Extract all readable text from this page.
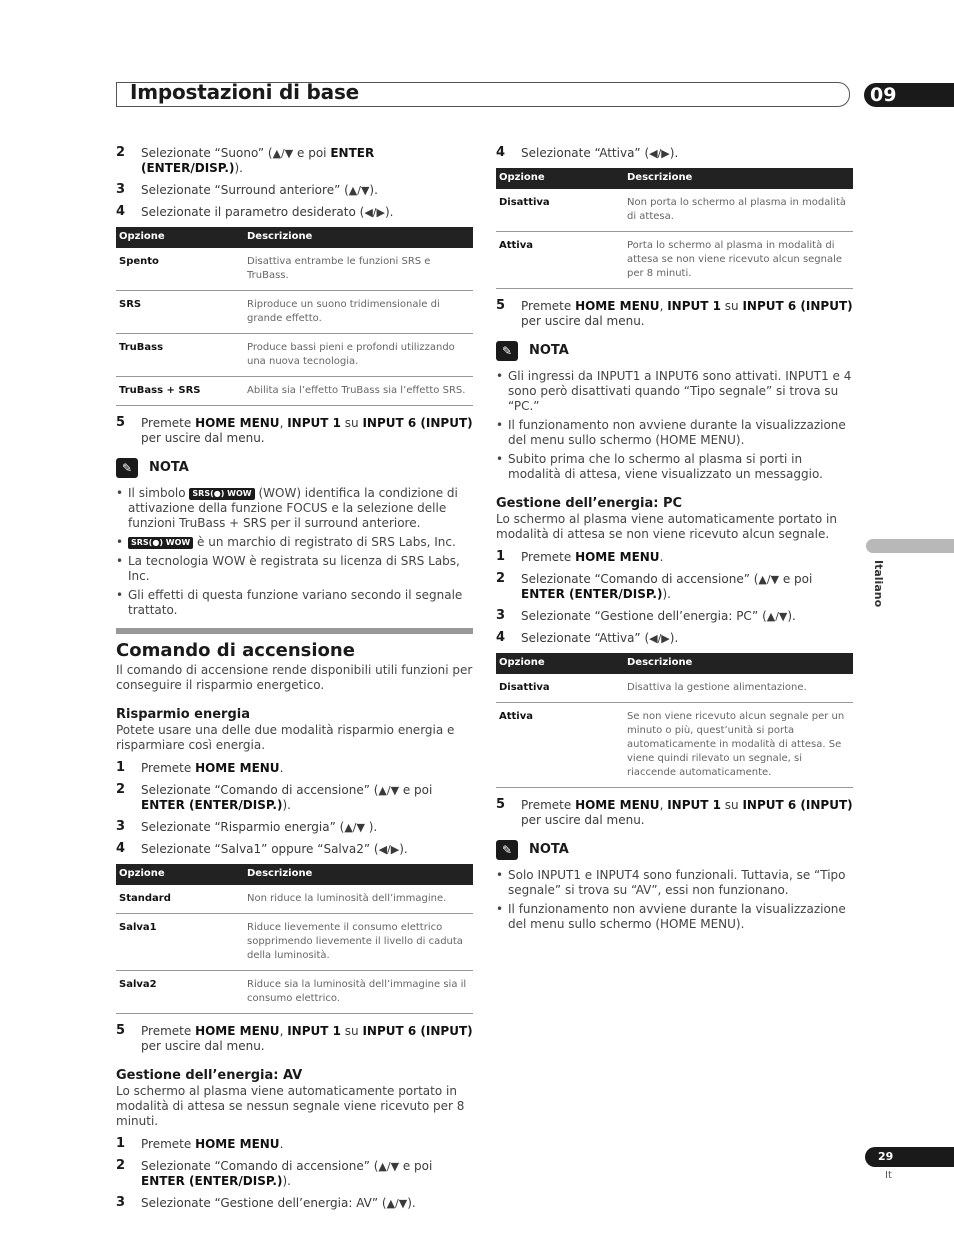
Impostazioni di base	09
Italiano
29
It
2 Selezionate “Suono” (▲/▼ e poi ENTER (ENTER/DISP.)).
3 Selezionate “Surround anteriore” (▲/▼).
4 Selezionate il parametro desiderato (◀/▶).
Opzione	Descrizione
Spento	Disattiva entrambe le funzioni SRS e TruBass.
SRS	Riproduce un suono tridimensionale di grande effetto.
TruBass	Produce bassi pieni e profondi utilizzando una nuova tecnologia.
TruBass + SRS	Abilita sia l’effetto TruBass sia l’effetto SRS.
5 Premete HOME MENU, INPUT 1 su INPUT 6 (INPUT) per uscire dal menu.
✎	NOTA
• Il simbolo SRS(●) WOW (WOW) identifica la condizione di attivazione della funzione FOCUS e la selezione delle funzioni TruBass + SRS per il surround anteriore.
• SRS(●) WOW è un marchio di registrato di SRS Labs, Inc.
• La tecnologia WOW è registrata su licenza di SRS Labs, Inc.
• Gli effetti di questa funzione variano secondo il segnale trattato.
Comando di accensione
Il comando di accensione rende disponibili utili funzioni per conseguire il risparmio energetico.
Risparmio energia
Potete usare una delle due modalità risparmio energia e risparmiare così energia.
1 Premete HOME MENU.
2 Selezionate “Comando di accensione” (▲/▼ e poi ENTER (ENTER/DISP.)).
3 Selezionate “Risparmio energia” (▲/▼ ).
4 Selezionate “Salva1” oppure “Salva2” (◀/▶).
Opzione	Descrizione
Standard	Non riduce la luminosità dell’immagine.
Salva1	Riduce lievemente il consumo elettrico sopprimendo lievemente il livello di caduta della luminosità.
Salva2	Riduce sia la luminosità dell’immagine sia il consumo elettrico.
5 Premete HOME MENU, INPUT 1 su INPUT 6 (INPUT) per uscire dal menu.
Gestione dell’energia: AV
Lo schermo al plasma viene automaticamente portato in modalità di attesa se nessun segnale viene ricevuto per 8 minuti.
1 Premete HOME MENU.
2 Selezionate “Comando di accensione” (▲/▼ e poi ENTER (ENTER/DISP.)).
3 Selezionate “Gestione dell’energia: AV” (▲/▼).
4 Selezionate “Attiva” (◀/▶).
Opzione	Descrizione
Disattiva	Non porta lo schermo al plasma in modalità di attesa.
Attiva	Porta lo schermo al plasma in modalità di attesa se non viene ricevuto alcun segnale per 8 minuti.
5 Premete HOME MENU, INPUT 1 su INPUT 6 (INPUT) per uscire dal menu.
✎	NOTA
• Gli ingressi da INPUT1 a INPUT6 sono attivati. INPUT1 e 4 sono però disattivati quando “Tipo segnale” si trova su “PC.”
• Il funzionamento non avviene durante la visualizzazione del menu sullo schermo (HOME MENU).
• Subito prima che lo schermo al plasma si porti in modalità di attesa, viene visualizzato un messaggio.
Gestione dell’energia: PC
Lo schermo al plasma viene automaticamente portato in modalità di attesa se non viene ricevuto alcun segnale.
1 Premete HOME MENU.
2 Selezionate “Comando di accensione” (▲/▼ e poi ENTER (ENTER/DISP.)).
3 Selezionate “Gestione dell’energia: PC” (▲/▼).
4 Selezionate “Attiva” (◀/▶).
Opzione	Descrizione
Disattiva	Disattiva la gestione alimentazione.
Attiva	Se non viene ricevuto alcun segnale per un minuto o più, quest’unità si porta automaticamente in modalità di attesa. Se viene quindi rilevato un segnale, si riaccende automaticamente.
5 Premete HOME MENU, INPUT 1 su INPUT 6 (INPUT) per uscire dal menu.
✎	NOTA
• Solo INPUT1 e INPUT4 sono funzionali. Tuttavia, se “Tipo segnale” si trova su “AV”, essi non funzionano.
• Il funzionamento non avviene durante la visualizzazione del menu sullo schermo (HOME MENU).
